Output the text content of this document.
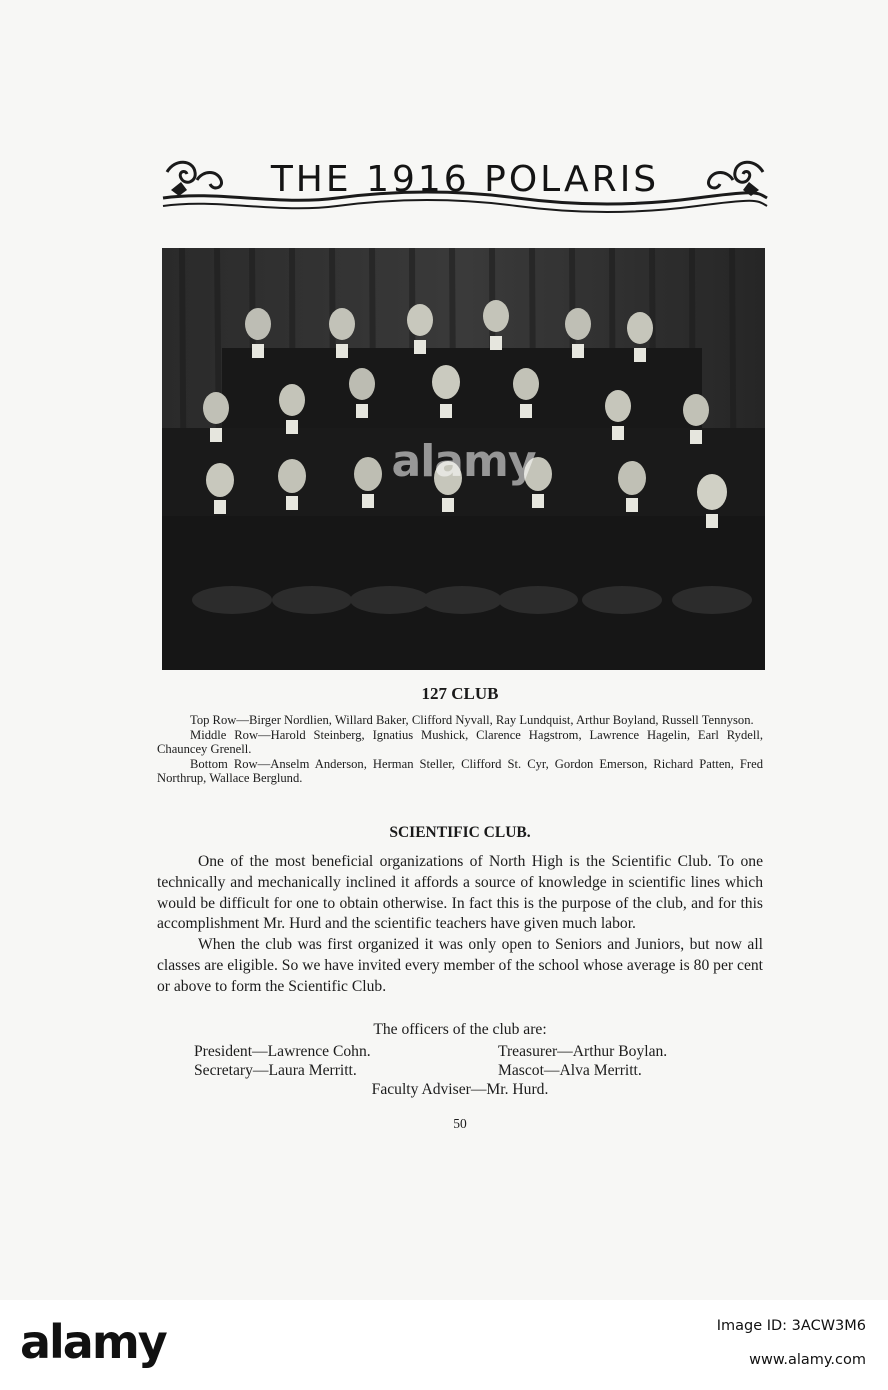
THE 1916 POLARIS
alamy
127 CLUB

Top Row—Birger Nordlien, Willard Baker, Clifford Nyvall, Ray Lundquist, Arthur Boyland, Russell Tennyson.

Middle Row—Harold Steinberg, Ignatius Mushick, Clarence Hagstrom, Lawrence Hagelin, Earl Rydell, Chauncey Grenell.

Bottom Row—Anselm Anderson, Herman Steller, Clifford St. Cyr, Gordon Emerson, Richard Patten, Fred Northrup, Wallace Berglund.

SCIENTIFIC CLUB.

One of the most beneficial organizations of North High is the Scientific Club. To one technically and mechanically inclined it affords a source of knowledge in scientific lines which would be difficult for one to obtain otherwise. In fact this is the purpose of the club, and for this accomplishment Mr. Hurd and the scientific teachers have given much labor.

When the club was first organized it was only open to Seniors and Juniors, but now all classes are eligible. So we have invited every member of the school whose average is 80 per cent or above to form the Scientific Club.

The officers of the club are:
President—Lawrence Cohn.	Treasurer—Arthur Boylan.
Secretary—Laura Merritt.	Mascot—Alva Merritt.
Faculty Adviser—Mr. Hurd.
50
alamy	Image ID: 3ACW3M6
www.alamy.com
